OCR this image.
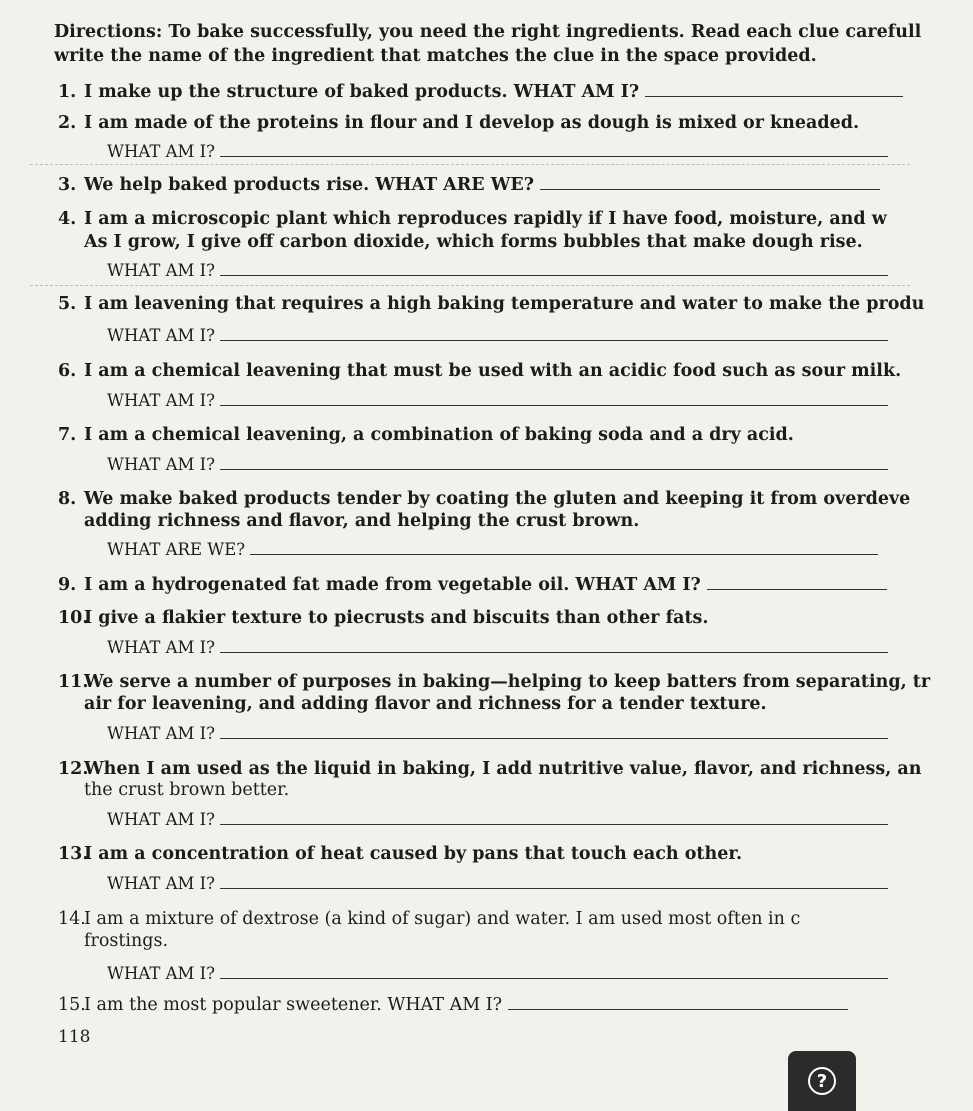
Directions: To bake successfully, you need the right ingredients. Read each clue carefull
write the name of the ingredient that matches the clue in the space provided.
1. I make up the structure of baked products. WHAT AM I?
2. I am made of the proteins in flour and I develop as dough is mixed or kneaded.
WHAT AM I?
3. We help baked products rise. WHAT ARE WE?
4. I am a microscopic plant which reproduces rapidly if I have food, moisture, and w
As I grow, I give off carbon dioxide, which forms bubbles that make dough rise.
WHAT AM I?
5. I am leavening that requires a high baking temperature and water to make the produ
WHAT AM I?
6. I am a chemical leavening that must be used with an acidic food such as sour milk.
WHAT AM I?
7. I am a chemical leavening, a combination of baking soda and a dry acid.
WHAT AM I?
8. We make baked products tender by coating the gluten and keeping it from overdeve
adding richness and flavor, and helping the crust brown.
WHAT ARE WE?
9. I am a hydrogenated fat made from vegetable oil. WHAT AM I?
10.I give a flakier texture to piecrusts and biscuits than other fats.
WHAT AM I?
11.We serve a number of purposes in baking—helping to keep batters from separating, tr
air for leavening, and adding flavor and richness for a tender texture.
WHAT AM I?
12.When I am used as the liquid in baking, I add nutritive value, flavor, and richness, an
the crust brown better.
WHAT AM I?
13.I am a concentration of heat caused by pans that touch each other.
WHAT AM I?
14.I am a mixture of dextrose (a kind of sugar) and water. I am used most often in c
frostings.
WHAT AM I?
15.I am the most popular sweetener. WHAT AM I?
118
?
